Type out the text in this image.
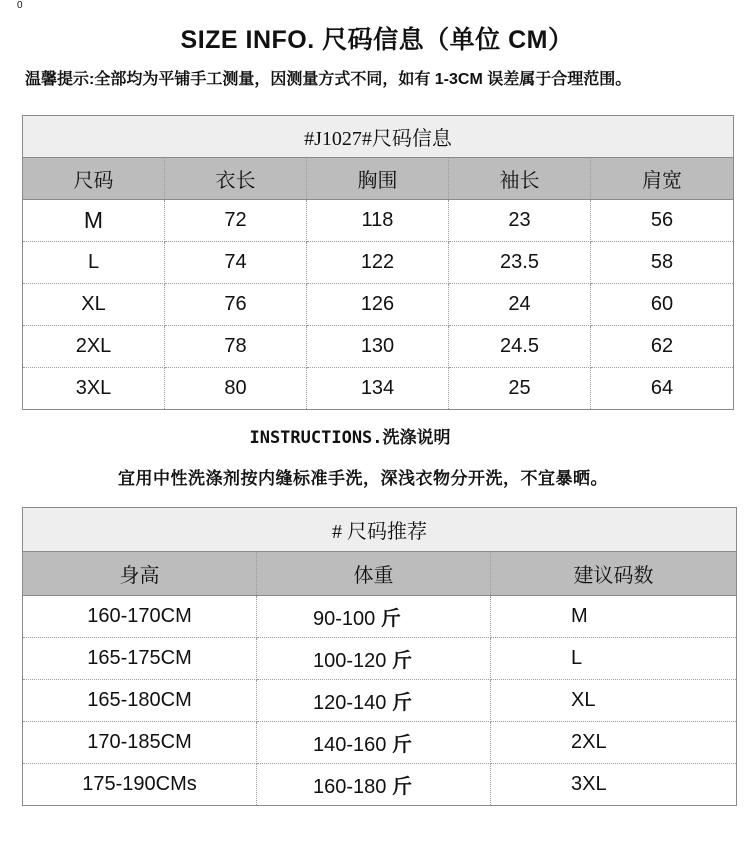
0
SIZE INFO. 尺码信息（单位 CM）
温馨提示:全部均为平铺手工测量，因测量方式不同，如有 1-3CM 误差属于合理范围。
#J1027#尺码信息				
尺码	衣长	胸围	袖长	肩宽
M	72	118	23	56
L	74	122	23.5	58
XL	76	126	24	60
2XL	78	130	24.5	62
3XL	80	134	25	64
INSTRUCTIONS.洗涤说明
宜用中性洗涤剂按内缝标准手洗，深浅衣物分开洗，不宜暴晒。
# 尺码推荐		
身高	体重	建议码数
160-170CM	90-100 斤	M
165-175CM	100-120 斤	L
165-180CM	120-140 斤	XL
170-185CM	140-160 斤	2XL
175-190CMs	160-180 斤	3XL
